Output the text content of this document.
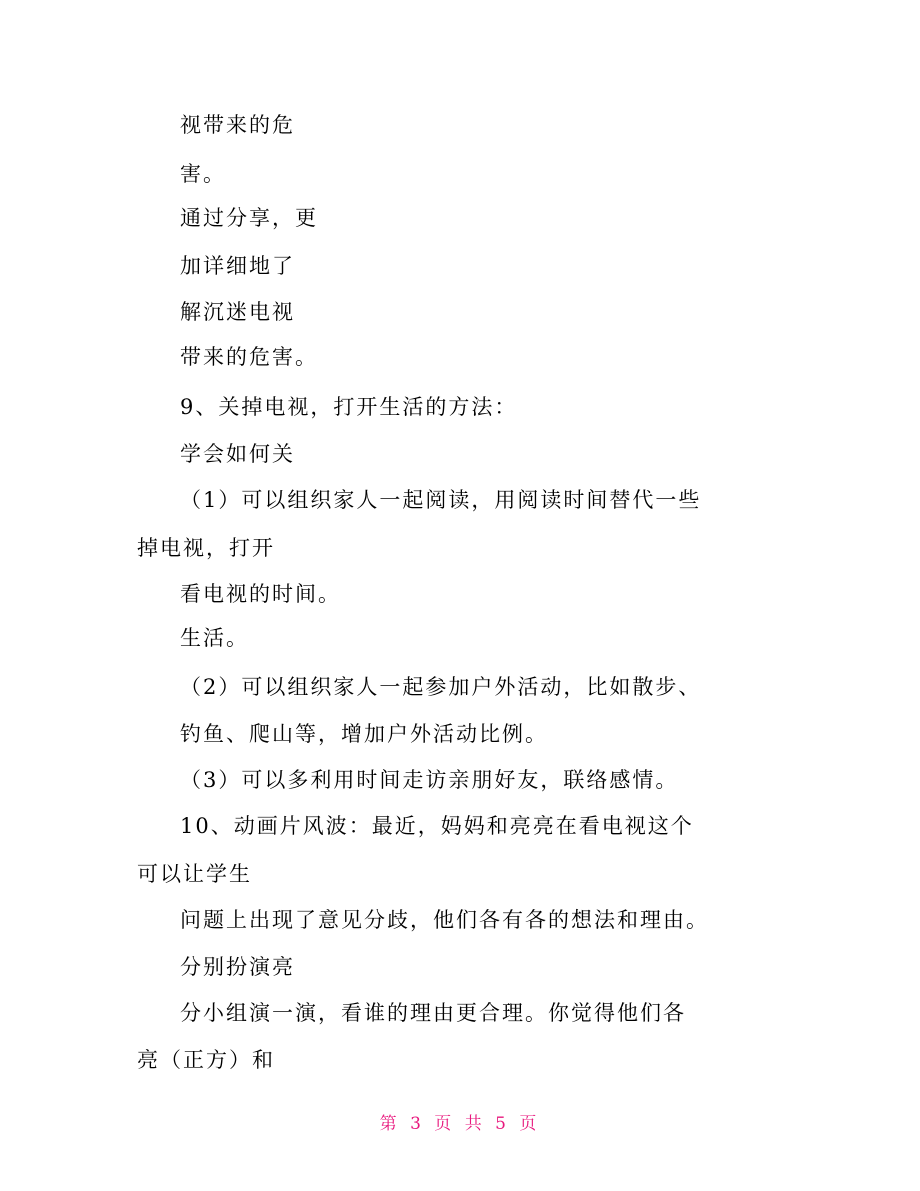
视带来的危
害。
通过分享，更
加详细地了
解沉迷电视
带来的危害。
9、关掉电视，打开生活的方法：
学会如何关
（1）可以组织家人一起阅读，用阅读时间替代一些
掉电视，打开
看电视的时间。
生活。
（2）可以组织家人一起参加户外活动，比如散步、
钓鱼、爬山等，增加户外活动比例。
（3）可以多利用时间走访亲朋好友，联络感情。
10、动画片风波：最近，妈妈和亮亮在看电视这个
可以让学生
问题上出现了意见分歧，他们各有各的想法和理由。
分别扮演亮
分小组演一演，看谁的理由更合理。你觉得他们各
亮（正方）和
第 3 页 共 5 页
